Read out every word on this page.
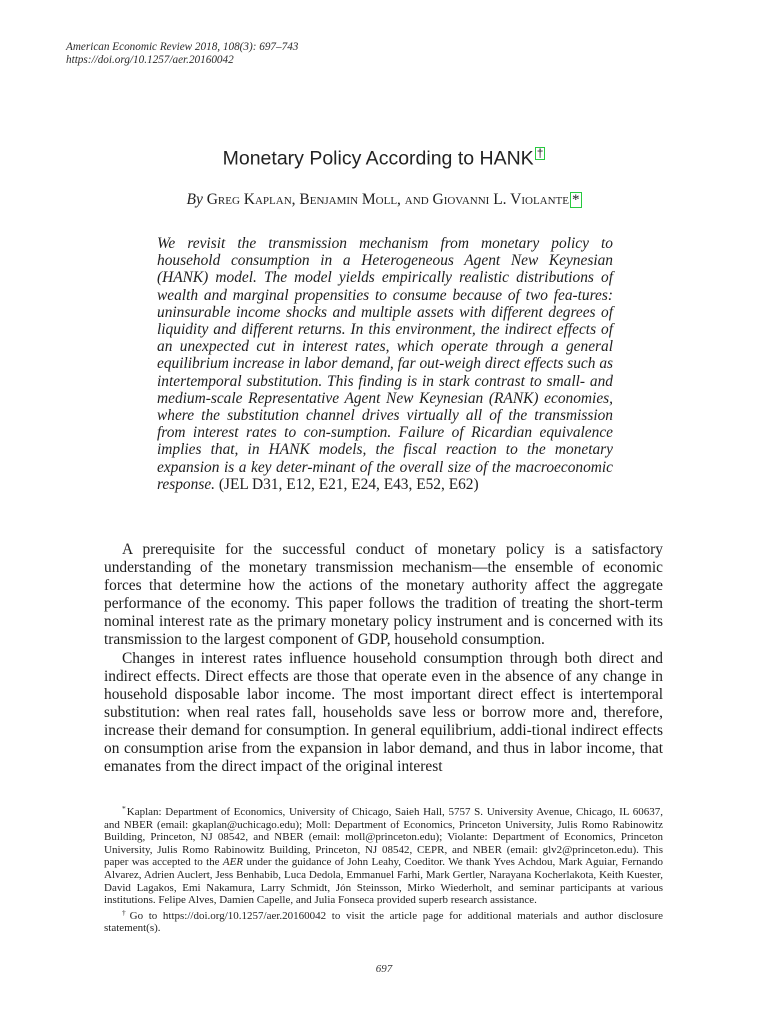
American Economic Review 2018, 108(3): 697–743
https://doi.org/10.1257/aer.20160042
Monetary Policy According to HANK †
By Greg Kaplan, Benjamin Moll, and Giovanni L. Violante *
We revisit the transmission mechanism from monetary policy to household consumption in a Heterogeneous Agent New Keynesian (HANK) model. The model yields empirically realistic distributions of wealth and marginal propensities to consume because of two fea-tures: uninsurable income shocks and multiple assets with different degrees of liquidity and different returns. In this environment, the indirect effects of an unexpected cut in interest rates, which operate through a general equilibrium increase in labor demand, far out-weigh direct effects such as intertemporal substitution. This finding is in stark contrast to small- and medium-scale Representative Agent New Keynesian (RANK) economies, where the substitution channel drives virtually all of the transmission from interest rates to con-sumption. Failure of Ricardian equivalence implies that, in HANK models, the fiscal reaction to the monetary expansion is a key deter-minant of the overall size of the macroeconomic response. (JEL D31, E12, E21, E24, E43, E52, E62)

A prerequisite for the successful conduct of monetary policy is a satisfactory understanding of the monetary transmission mechanism—the ensemble of economic forces that determine how the actions of the monetary authority affect the aggregate performance of the economy. This paper follows the tradition of treating the short-term nominal interest rate as the primary monetary policy instrument and is concerned with its transmission to the largest component of GDP, household consumption.

Changes in interest rates influence household consumption through both direct and indirect effects. Direct effects are those that operate even in the absence of any change in household disposable labor income. The most important direct effect is intertemporal substitution: when real rates fall, households save less or borrow more and, therefore, increase their demand for consumption. In general equilibrium, addi-tional indirect effects on consumption arise from the expansion in labor demand, and thus in labor income, that emanates from the direct impact of the original interest

*Kaplan: Department of Economics, University of Chicago, Saieh Hall, 5757 S. University Avenue, Chicago, IL 60637, and NBER (email: gkaplan@uchicago.edu); Moll: Department of Economics, Princeton University, Julis Romo Rabinowitz Building, Princeton, NJ 08542, and NBER (email: moll@princeton.edu); Violante: Department of Economics, Princeton University, Julis Romo Rabinowitz Building, Princeton, NJ 08542, CEPR, and NBER (email: glv2@princeton.edu). This paper was accepted to the AER under the guidance of John Leahy, Coeditor. We thank Yves Achdou, Mark Aguiar, Fernando Alvarez, Adrien Auclert, Jess Benhabib, Luca Dedola, Emmanuel Farhi, Mark Gertler, Narayana Kocherlakota, Keith Kuester, David Lagakos, Emi Nakamura, Larry Schmidt, Jón Steinsson, Mirko Wiederholt, and seminar participants at various institutions. Felipe Alves, Damien Capelle, and Julia Fonseca provided superb research assistance.

†Go to https://doi.org/10.1257/aer.20160042 to visit the article page for additional materials and author disclosure statement(s).

697
